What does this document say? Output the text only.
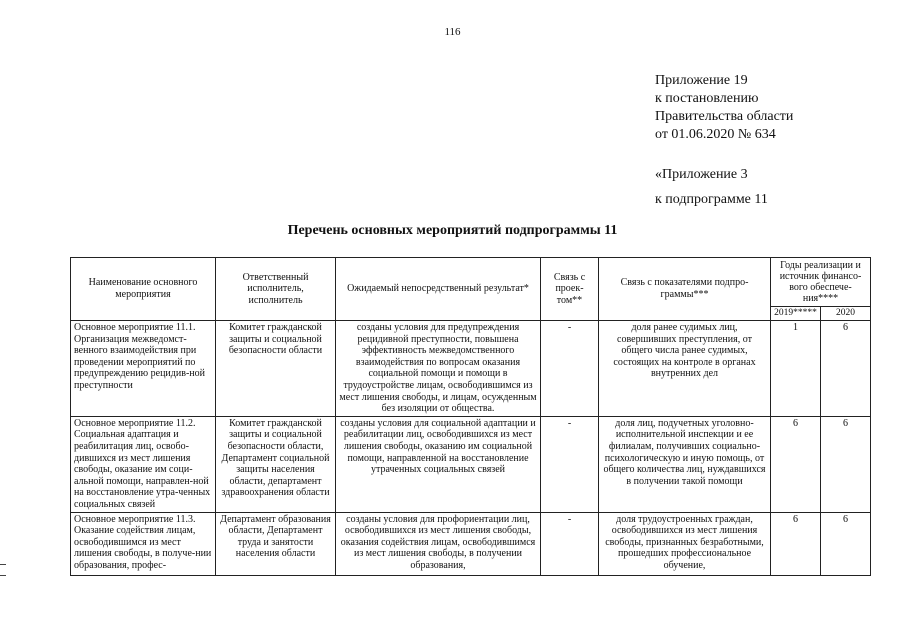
116
Приложение 19
к постановлению
Правительства области
от 01.06.2020 № 634
«Приложение 3
к подпрограмме 11
Перечень основных мероприятий подпрограммы 11
Наименование основного мероприятия	Ответственный исполнитель, исполнитель	Ожидаемый непосредственный результат*	Связь с проек-том**	Связь с показателями подпро-граммы***	Годы реализации и источник финансо-вого обеспече-ния****	
					2019*****	2020
Основное мероприятие 11.1. Организация межведомст-венного взаимодействия при проведении мероприятий по предупреждению рецидив-ной преступности	Комитет гражданской защиты и социальной безопасности области	созданы условия для предупреждения рецидивной преступности, повышена эффективность межведомственного взаимодействия по вопросам оказания социальной помощи и помощи в трудоустройстве лицам, освободившимся из мест лишения свободы, и лицам, осужденным без изоляции от общества.	-	доля ранее судимых лиц, совершивших преступления, от общего числа ранее судимых, состоящих на контроле в органах внутренних дел	1	6
Основное мероприятие 11.2. Социальная адаптация и реабилитация лиц, освобо-дившихся из мест лишения свободы, оказание им соци-альной помощи, направлен-ной на восстановление утра-ченных социальных связей	Комитет гражданской защиты и социальной безопасности области, Департамент социальной защиты населения области, департамент здравоохранения области	созданы условия для социальной адаптации и реабилитации лиц, освободившихся из мест лишения свободы, оказанию им социальной помощи, направленной на восстановление утраченных социальных связей	-	доля лиц, подучетных уголовно-исполнительной инспекции и ее филиалам, получивших социально-психологическую и иную помощь, от общего количества лиц, нуждавшихся в получении такой помощи	6	6
Основное мероприятие 11.3. Оказание содействия лицам, освободившимся из мест лишения свободы, в получе-нии образования, профес-	Департамент образования области, Департамент труда и занятости населения области	созданы условия для профориентации лиц, освободившихся из мест лишения свободы, оказания содействия лицам, освободившимся из мест лишения свободы, в получении образования,	-	доля трудоустроенных граждан, освободившихся из мест лишения свободы, признанных безработными, прошедших профессиональное обучение,	6	6
